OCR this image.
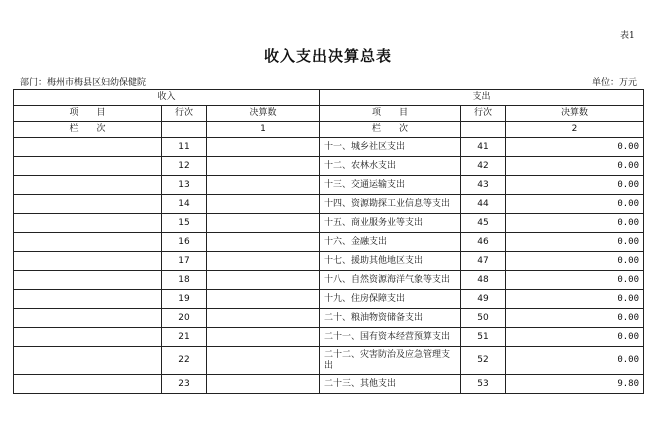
表1
收入支出决算总表
部门：梅州市梅县区妇幼保健院	单位：万元
收入			支出		
项　　目	行次	决算数	项　　目	行次	决算数
栏　　次		1	栏　　次		2
	11		十一、城乡社区支出	41	0.00
	12		十二、农林水支出	42	0.00
	13		十三、交通运输支出	43	0.00
	14		十四、资源勘探工业信息等支出	44	0.00
	15		十五、商业服务业等支出	45	0.00
	16		十六、金融支出	46	0.00
	17		十七、援助其他地区支出	47	0.00
	18		十八、自然资源海洋气象等支出	48	0.00
	19		十九、住房保障支出	49	0.00
	20		二十、粮油物资储备支出	50	0.00
	21		二十一、国有资本经营预算支出	51	0.00
	22		二十二、灾害防治及应急管理支出	52	0.00
	23		二十三、其他支出	53	9.80
